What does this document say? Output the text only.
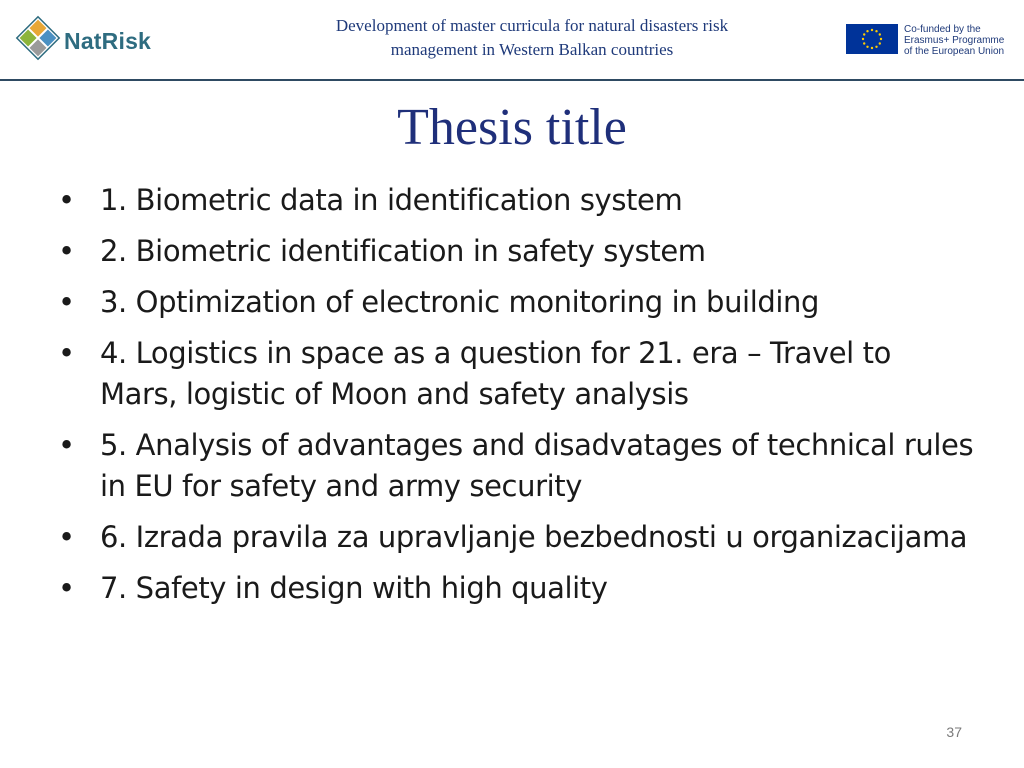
NatRisk
Development of master curricula for natural disasters risk
management in Western Balkan countries
Co-funded by the
Erasmus+ Programme
of the European Union
Thesis title
• 1. Biometric data in identification system
• 2. Biometric identification in safety system
• 3. Optimization of electronic monitoring in building
• 4. Logistics in space as a question for 21. era – Travel to Mars, logistic of Moon and safety analysis
• 5. Analysis of advantages and disadvatages of technical rules in EU for safety and army security
• 6. Izrada pravila za upravljanje bezbednosti u organizacijama
• 7. Safety in design with high quality
37
